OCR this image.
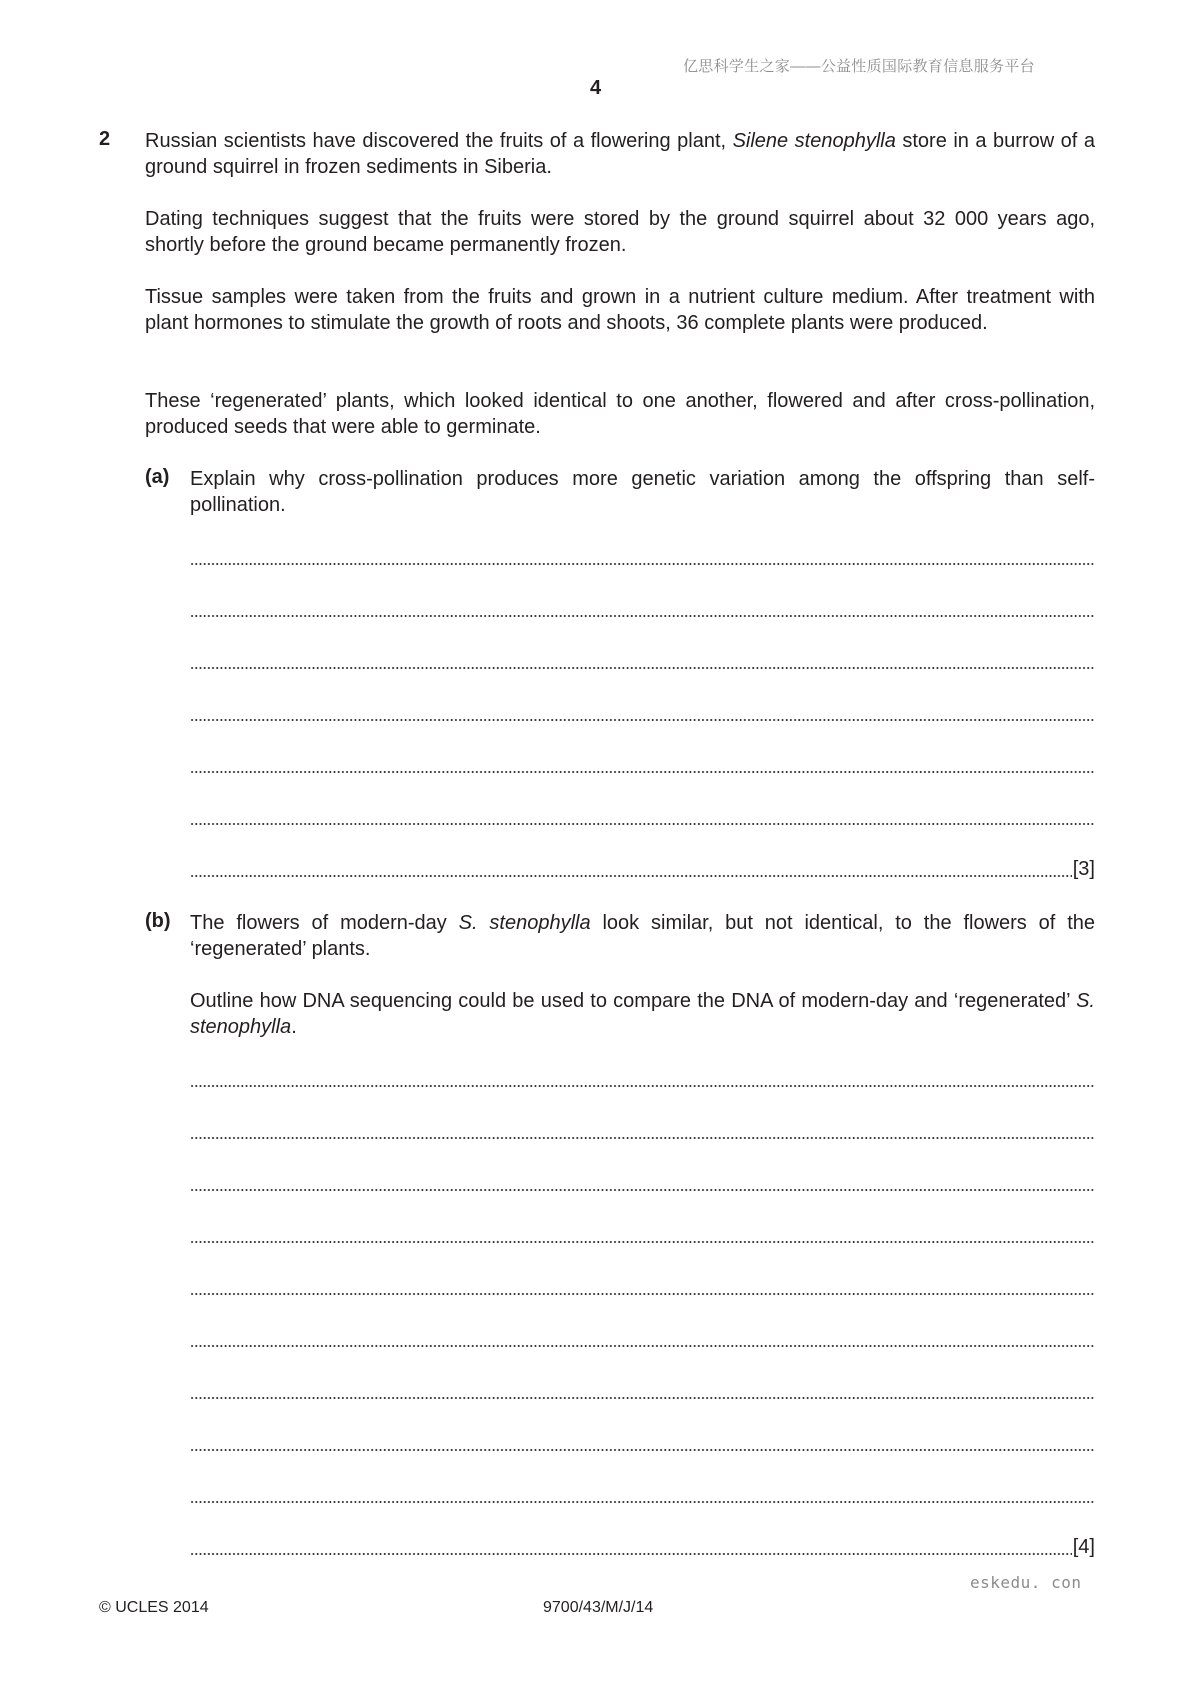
亿思科学生之家——公益性质国际教育信息服务平台
4
2 Russian scientists have discovered the fruits of a flowering plant, Silene stenophylla store in a burrow of a ground squirrel in frozen sediments in Siberia.
Dating techniques suggest that the fruits were stored by the ground squirrel about 32 000 years ago, shortly before the ground became permanently frozen.
Tissue samples were taken from the fruits and grown in a nutrient culture medium. After treatment with plant hormones to stimulate the growth of roots and shoots, 36 complete plants were produced.
These ‘regenerated’ plants, which looked identical to one another, flowered and after cross-pollination, produced seeds that were able to germinate.
(a) Explain why cross-pollination produces more genetic variation among the offspring than self-pollination.
[3]
(b) The flowers of modern-day S. stenophylla look similar, but not identical, to the flowers of the ‘regenerated’ plants.
Outline how DNA sequencing could be used to compare the DNA of modern-day and ‘regenerated’ S. stenophylla.
[4]
eskedu. con
© UCLES 2014	9700/43/M/J/14
